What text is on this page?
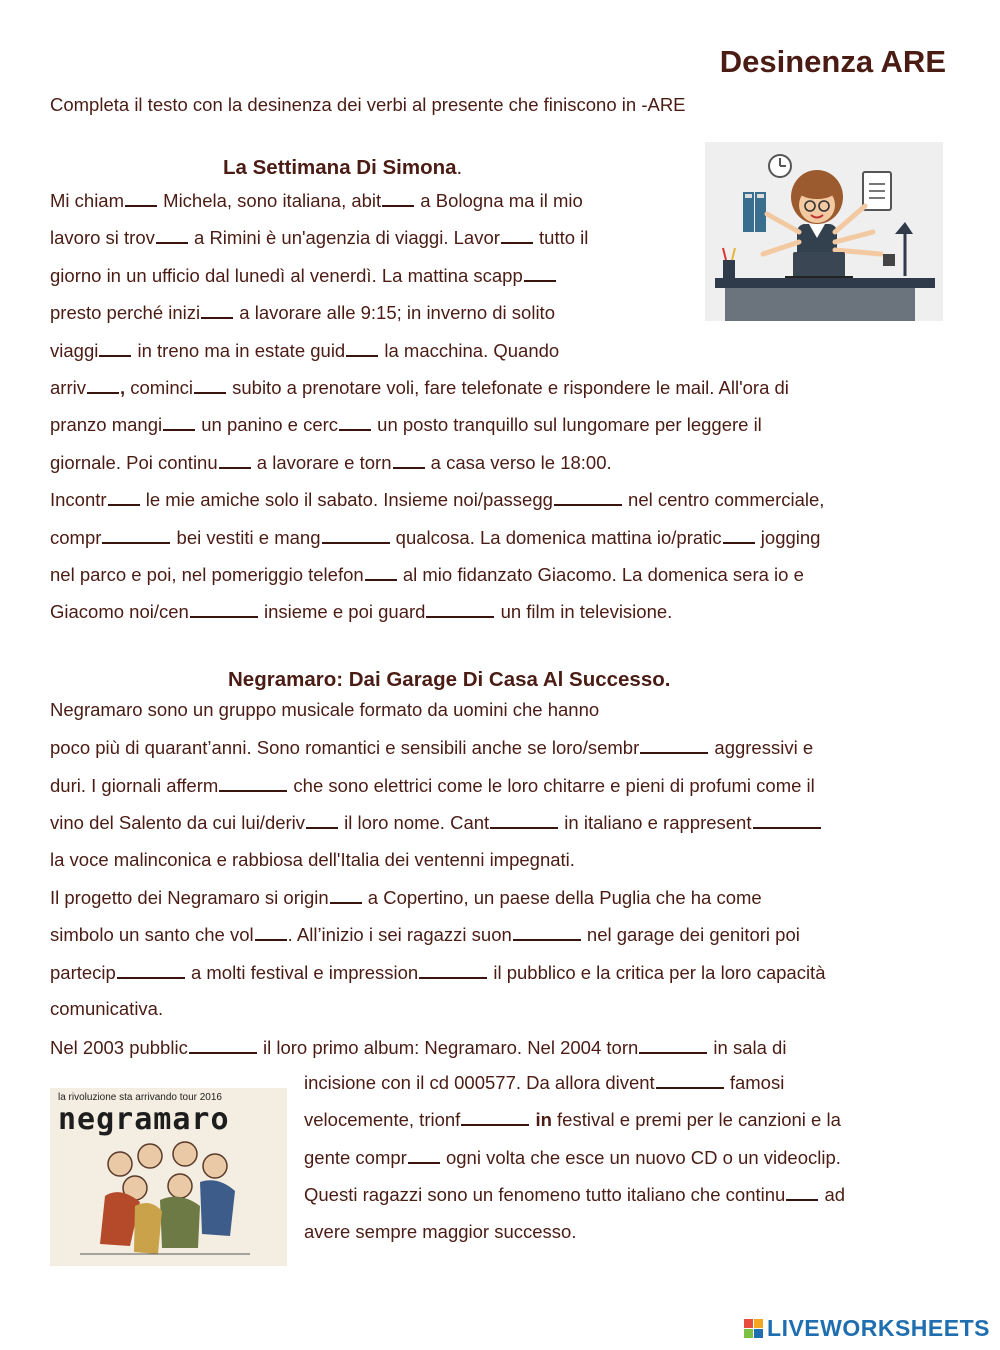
Desinenza ARE
Completa il testo con la desinenza dei verbi al presente che finiscono in -ARE
La Settimana Di Simona.
Mi chiam Michela, sono italiana, abit a Bologna ma il mio
lavoro si trov a Rimini è un'agenzia di viaggi. Lavor tutto il
giorno in un ufficio dal lunedì al venerdì. La mattina scapp
presto perché inizi a lavorare alle 9:15; in inverno di solito
viaggi in treno ma in estate guid la macchina. Quando
arriv , cominci subito a prenotare voli, fare telefonate e rispondere le mail. All'ora di
pranzo mangi un panino e cerc un posto tranquillo sul lungomare per leggere il
giornale. Poi continu a lavorare e torn a casa verso le 18:00.
Incontr le mie amiche solo il sabato. Insieme noi/passegg	nel centro commerciale,
compr	bei vestiti e mang	qualcosa. La domenica mattina io/pratic jogging
nel parco e poi, nel pomeriggio telefon al mio fidanzato Giacomo. La domenica sera io e
Giacomo noi/cen	insieme e poi guard	un film in televisione.
Negramaro: Dai Garage Di Casa Al Successo.
Negramaro sono un gruppo musicale formato da uomini che hanno
poco più di quarant’anni. Sono romantici e sensibili anche se loro/sembr	aggressivi e
duri. I giornali afferm	che sono elettrici come le loro chitarre e pieni di profumi come il
vino del Salento da cui lui/deriv il loro nome. Cant	in italiano e rappresent
la voce malinconica e rabbiosa dell'Italia dei ventenni impegnati.
Il progetto dei Negramaro si origin a Copertino, un paese della Puglia che ha come
simbolo un santo che vol . All’inizio i sei ragazzi suon	nel garage dei genitori poi
partecip	a molti festival e impression	il pubblico e la critica per la loro capacità
comunicativa.
Nel 2003 pubblic	il loro primo album: Negramaro. Nel 2004 torn	in sala di
incisione con il cd 000577. Da allora divent	famosi
velocemente, trionf	in festival e premi per le canzioni e la
gente compr ogni volta che esce un nuovo CD o un videoclip.
Questi ragazzi sono un fenomeno tutto italiano che continu ad
avere sempre maggior successo.
la rivoluzione sta arrivando tour 2016
negramaro
LIVEWORKSHEETS
